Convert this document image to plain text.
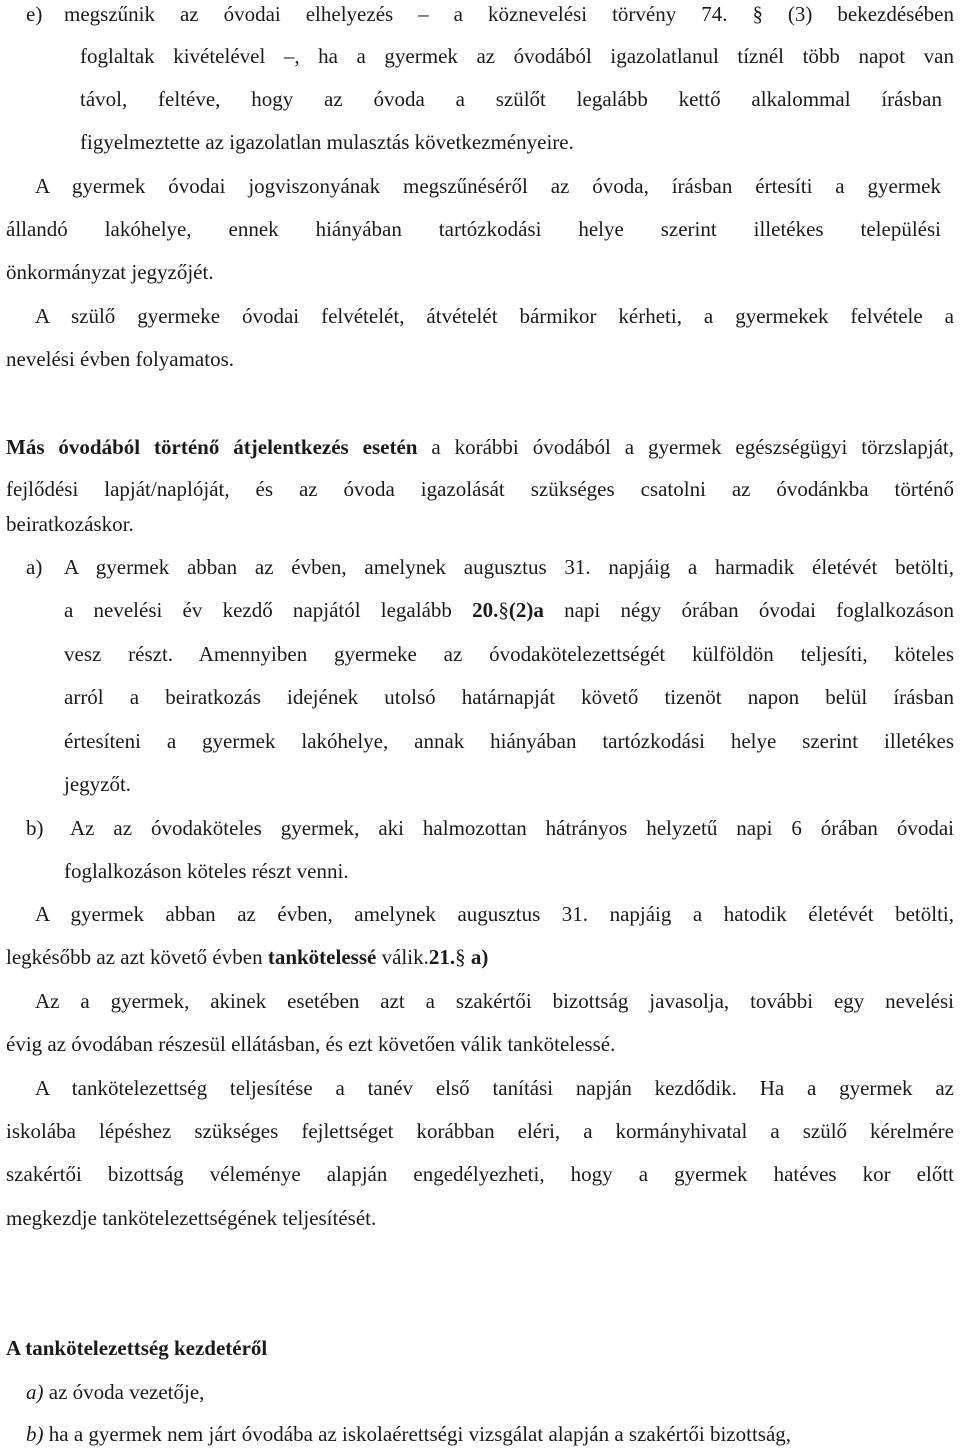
e) megszűnik az óvodai elhelyezés – a köznevelési törvény 74. § (3) bekezdésében
foglaltak kivételével –, ha a gyermek az óvodából igazolatlanul tíznél több napot van
távol, feltéve, hogy az óvoda a szülőt legalább kettő alkalommal írásban
figyelmeztette az igazolatlan mulasztás következményeire.
A gyermek óvodai jogviszonyának megszűnéséről az óvoda, írásban értesíti a gyermek
állandó lakóhelye, ennek hiányában tartózkodási helye szerint illetékes települési
önkormányzat jegyzőjét.
A szülő gyermeke óvodai felvételét, átvételét bármikor kérheti, a gyermekek felvétele a
nevelési évben folyamatos.
Más óvodából történő átjelentkezés esetén a korábbi óvodából a gyermek egészségügyi törzslapját,
fejlődési lapját/naplóját, és az óvoda igazolását szükséges csatolni az óvodánkba történő
beiratkozáskor.
a) A gyermek abban az évben, amelynek augusztus 31. napjáig a harmadik életévét betölti,
a nevelési év kezdő napjától legalább 20.§(2)a napi négy órában óvodai foglalkozáson
vesz részt. Amennyiben gyermeke az óvodakötelezettségét külföldön teljesíti, köteles
arról a beiratkozás idejének utolsó határnapját követő tizenöt napon belül írásban
értesíteni a gyermek lakóhelye, annak hiányában tartózkodási helye szerint illetékes
jegyzőt.
b) Az az óvodaköteles gyermek, aki halmozottan hátrányos helyzetű napi 6 órában óvodai
foglalkozáson köteles részt venni.
A gyermek abban az évben, amelynek augusztus 31. napjáig a hatodik életévét betölti,
legkésőbb az azt követő évben tankötelessé válik.21.§ a)
Az a gyermek, akinek esetében azt a szakértői bizottság javasolja, további egy nevelési
évig az óvodában részesül ellátásban, és ezt követően válik tankötelessé.
A tankötelezettség teljesítése a tanév első tanítási napján kezdődik. Ha a gyermek az
iskolába lépéshez szükséges fejlettséget korábban eléri, a kormányhivatal a szülő kérelmére
szakértői bizottság véleménye alapján engedélyezheti, hogy a gyermek hatéves kor előtt
megkezdje tankötelezettségének teljesítését.
A tankötelezettség kezdetéről
a) az óvoda vezetője,
b) ha a gyermek nem járt óvodába az iskolaérettségi vizsgálat alapján a szakértői bizottság,
